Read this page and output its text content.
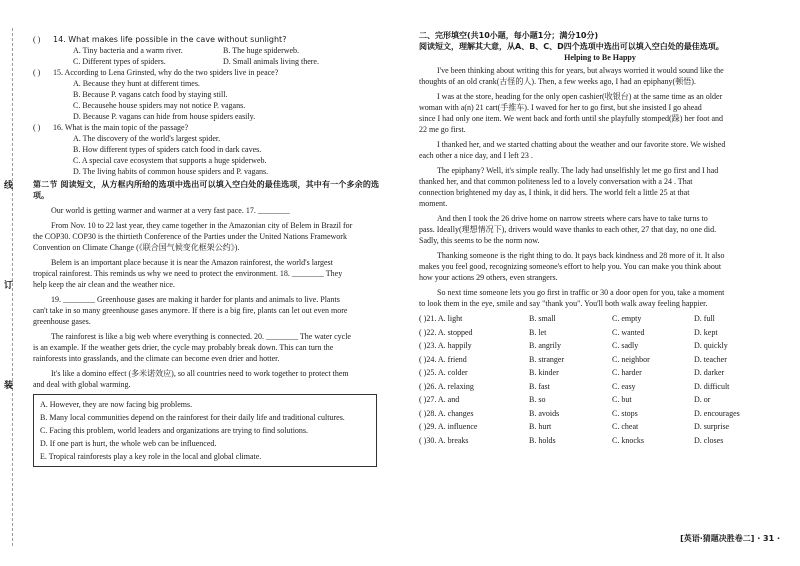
线
订
装
( ) 14. What makes life possible in the cave without sunlight?
A. Tiny bacteria and a warm river.	B. The huge spiderweb.
C. Different types of spiders.	D. Small animals living there.
( ) 15. According to Lena Grinsted, why do the two spiders live in peace?
A. Because they hunt at different times.
B. Because P. vagans catch food by staying still.
C. Becausehe house spiders may not notice P. vagans.
D. Because P. vagans can hide from house spiders easily.
( ) 16. What is the main topic of the passage?
A. The discovery of the world's largest spider.
B. How different types of spiders catch food in dark caves.
C. A special cave ecosystem that supports a huge spiderweb.
D. The living habits of common house spiders and P. vagans.
第二节 阅读短文，从方框内所给的选项中选出可以填入空白处的最佳选项，其中有一个多余的选项。
Our world is getting warmer and warmer at a very fast pace. 17. ________
From Nov. 10 to 22 last year, they came together in the Amazonian city of Belem in Brazil for
the COP30. COP30 is the thirtieth Conference of the Parties under the United Nations Framework
Convention on Climate Change (《联合国气候变化框架公约》).
Belem is an important place because it is near the Amazon rainforest, the world's largest
tropical rainforest. This reminds us why we need to protect the environment. 18. ________ They
help keep the air clean and the weather nice.
19. ________ Greenhouse gases are making it harder for plants and animals to live. Plants
can't take in so many greenhouse gases anymore. If there is a big fire, plants can let out even more
greenhouse gases.
The rainforest is like a big web where everything is connected. 20. ________ The water cycle
is an example. If the weather gets drier, the cycle may probably break down. This can turn the
rainforests into grasslands, and the climate can become even drier and hotter.
It's like a domino effect (多米诺效应), so all countries need to work together to protect them
and deal with global warming.
A. However, they are now facing big problems.
B. Many local communities depend on the rainforest for their daily life and traditional cultures.
C. Facing this problem, world leaders and organizations are trying to find solutions.
D. If one part is hurt, the whole web can be influenced.
E. Tropical rainforests play a key role in the local and global climate.
二、完形填空(共10小题，每小题1分；满分10分)
阅读短文，理解其大意，从A、B、C、D四个选项中选出可以填入空白处的最佳选项。
Helping to Be Happy
I've been thinking about writing this for years, but always worried it would sound like the
thoughts of an old crank(古怪的人). Then, a few weeks ago, I had an epiphany(顿悟).
I was at the store, heading for the only open cashier(收银台) at the same time as an older
woman with a(n) 21 cart(手推车). I waved for her to go first, but she insisted I go ahead
since I had only one item. We went back and forth until she playfully stomped(跺) her foot and
22 me go first.
I thanked her, and we started chatting about the weather and our favorite store. We wished
each other a nice day, and I left 23 .
The epiphany? Well, it's simple really. The lady had unselfishly let me go first and I had
thanked her, and that common politeness led to a lovely conversation with a 24 . That
connection brightened my day as, I think, it did hers. The world felt a little 25 at that
moment.
And then I took the 26 drive home on narrow streets where cars have to take turns to
pass. Ideally(理想情况下), drivers would wave thanks to each other, 27 that day, no one did.
Sadly, this seems to be the norm now.
Thanking someone is the right thing to do. It pays back kindness and 28 more of it. It also
makes you feel good, recognizing someone's effort to help you. You can make you think about
how your actions 29 others, even strangers.
So next time someone lets you go first in traffic or 30 a door open for you, take a moment
to look them in the eye, smile and say "thank you". You'll both walk away feeling happier.
( )21. A. light	B. small	C. empty	D. full
( )22. A. stopped	B. let	C. wanted	D. kept
( )23. A. happily	B. angrily	C. sadly	D. quickly
( )24. A. friend	B. stranger	C. neighbor	D. teacher
( )25. A. colder	B. kinder	C. harder	D. darker
( )26. A. relaxing	B. fast	C. easy	D. difficult
( )27. A. and	B. so	C. but	D. or
( )28. A. changes	B. avoids	C. stops	D. encourages
( )29. A. influence	B. hurt	C. cheat	D. surprise
( )30. A. breaks	B. holds	C. knocks	D. closes
[英语·猜题决胜卷二] · 31 ·
